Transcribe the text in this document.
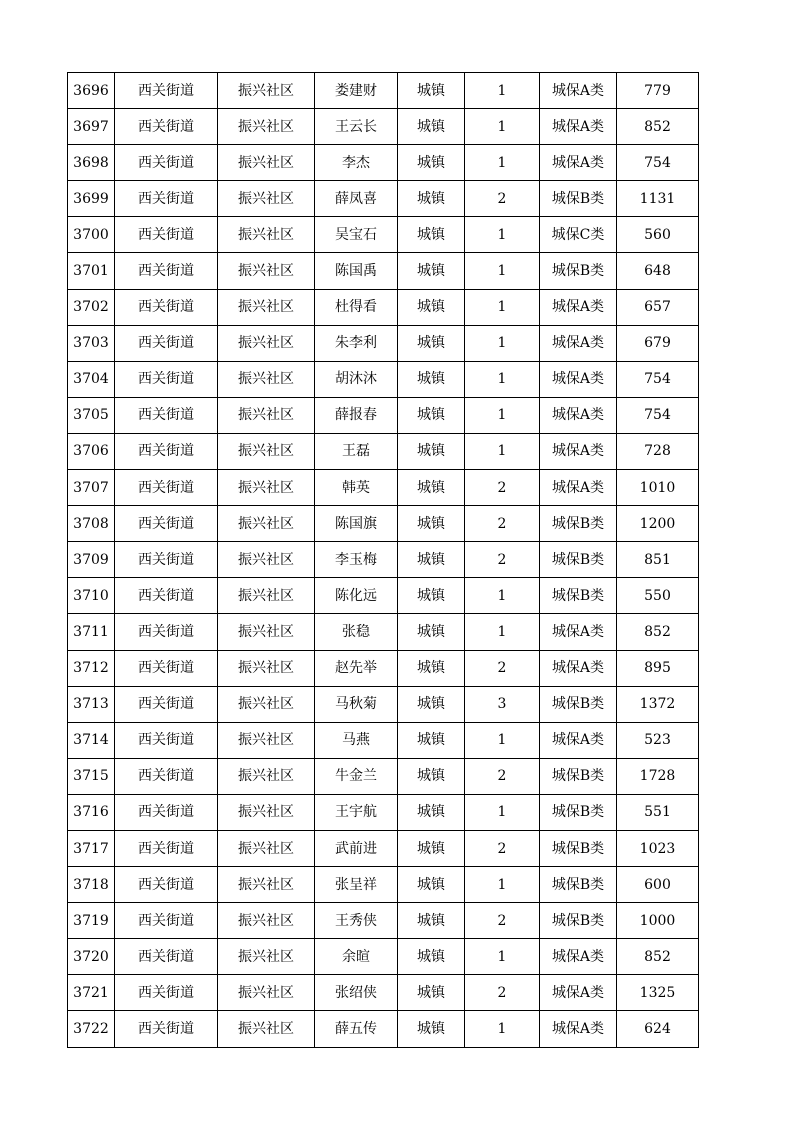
3696	西关街道	振兴社区	娄建财	城镇	1	城保A类	779
3697	西关街道	振兴社区	王云长	城镇	1	城保A类	852
3698	西关街道	振兴社区	李杰	城镇	1	城保A类	754
3699	西关街道	振兴社区	薛凤喜	城镇	2	城保B类	1131
3700	西关街道	振兴社区	吴宝石	城镇	1	城保C类	560
3701	西关街道	振兴社区	陈国禹	城镇	1	城保B类	648
3702	西关街道	振兴社区	杜得看	城镇	1	城保A类	657
3703	西关街道	振兴社区	朱李利	城镇	1	城保A类	679
3704	西关街道	振兴社区	胡沐沐	城镇	1	城保A类	754
3705	西关街道	振兴社区	薛报春	城镇	1	城保A类	754
3706	西关街道	振兴社区	王磊	城镇	1	城保A类	728
3707	西关街道	振兴社区	韩英	城镇	2	城保A类	1010
3708	西关街道	振兴社区	陈国旗	城镇	2	城保B类	1200
3709	西关街道	振兴社区	李玉梅	城镇	2	城保B类	851
3710	西关街道	振兴社区	陈化远	城镇	1	城保B类	550
3711	西关街道	振兴社区	张稳	城镇	1	城保A类	852
3712	西关街道	振兴社区	赵先举	城镇	2	城保A类	895
3713	西关街道	振兴社区	马秋菊	城镇	3	城保B类	1372
3714	西关街道	振兴社区	马燕	城镇	1	城保A类	523
3715	西关街道	振兴社区	牛金兰	城镇	2	城保B类	1728
3716	西关街道	振兴社区	王宇航	城镇	1	城保B类	551
3717	西关街道	振兴社区	武前进	城镇	2	城保B类	1023
3718	西关街道	振兴社区	张呈祥	城镇	1	城保B类	600
3719	西关街道	振兴社区	王秀侠	城镇	2	城保B类	1000
3720	西关街道	振兴社区	余暄	城镇	1	城保A类	852
3721	西关街道	振兴社区	张绍侠	城镇	2	城保A类	1325
3722	西关街道	振兴社区	薛五传	城镇	1	城保A类	624
